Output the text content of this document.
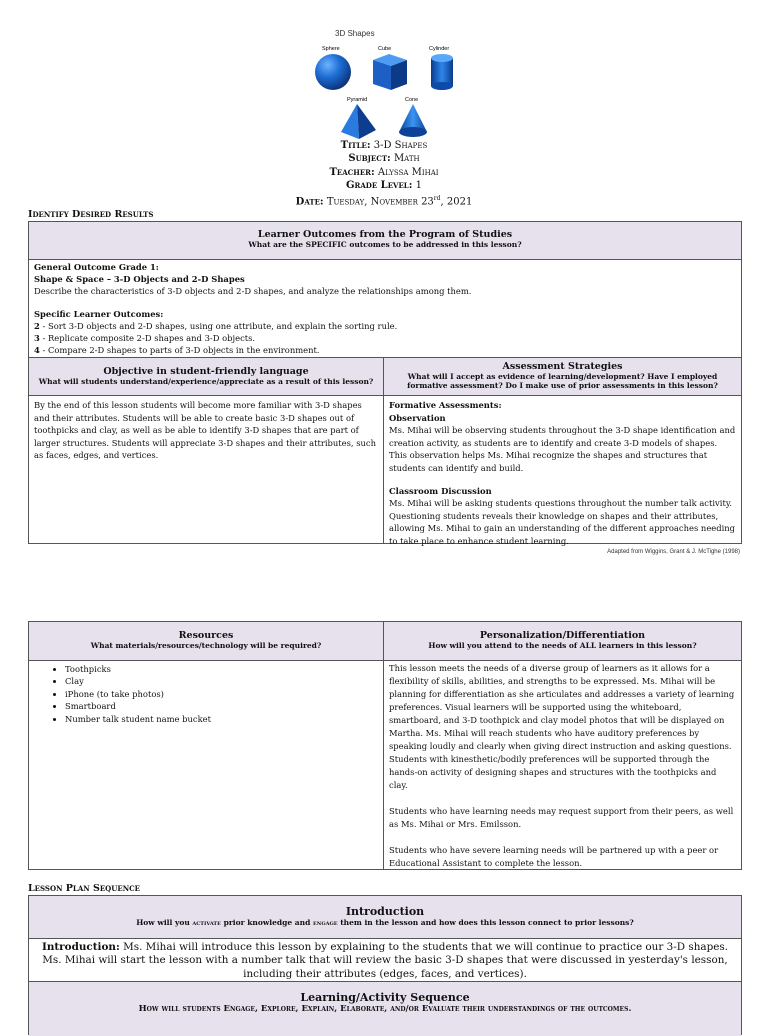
3D Shapes
Sphere	Cube	Cylinder
Pyramid	Cone
Title: 3-D Shapes
Subject: Math
Teacher: Alyssa Mihai
Grade Level: 1
Date: Tuesday, November 23rd, 2021
Identify Desired Results
Learner Outcomes from the Program of Studies
What are the SPECIFIC outcomes to be addressed in this lesson?

General Outcome Grade 1:

Shape & Space – 3-D Objects and 2-D Shapes

Describe the characteristics of 3-D objects and 2-D shapes, and analyze the relationships among them.

Specific Learner Outcomes:

2 - Sort 3-D objects and 2-D shapes, using one attribute, and explain the sorting rule.

3 - Replicate composite 2-D shapes and 3-D objects.

4 - Compare 2-D shapes to parts of 3-D objects in the environment.

Objective in student-friendly language
What will students understand/experience/appreciate as a result of this lesson?
By the end of this lesson students will become more familiar with 3-D shapes and their attributes. Students will be able to create basic 3-D shapes out of toothpicks and clay, as well as be able to identify 3-D shapes that are part of larger structures. Students will appreciate 3-D shapes and their attributes, such as faces, edges, and vertices.
Assessment Strategies
What will I accept as evidence of learning/development? Have I employed formative assessment? Do I make use of prior assessments in this lesson?

Formative Assessments:

Observation

Ms. Mihai will be observing students throughout the 3-D shape identification and creation activity, as students are to identify and create 3-D models of shapes. This observation helps Ms. Mihai recognize the shapes and structures that students can identify and build.

Classroom Discussion

Ms. Mihai will be asking students questions throughout the number talk activity. Questioning students reveals their knowledge on shapes and their attributes, allowing Ms. Mihai to gain an understanding of the different approaches needing to take place to enhance student learning.

Adapted from Wiggins, Grant & J. McTighe (1998)
Resources
What materials/resources/technology will be required?
• Toothpicks
• Clay
• iPhone (to take photos)
• Smartboard
• Number talk student name bucket
Personalization/Differentiation
How will you attend to the needs of ALL learners in this lesson?

This lesson meets the needs of a diverse group of learners as it allows for a flexibility of skills, abilities, and strengths to be expressed. Ms. Mihai will be planning for differentiation as she articulates and addresses a variety of learning preferences. Visual learners will be supported using the whiteboard, smartboard, and 3-D toothpick and clay model photos that will be displayed on Martha. Ms. Mihai will reach students who have auditory preferences by speaking loudly and clearly when giving direct instruction and asking questions. Students with kinesthetic/bodily preferences will be supported through the hands-on activity of designing shapes and structures with the toothpicks and clay.

Students who have learning needs may request support from their peers, as well as Ms. Mihai or Mrs. Emilsson.

Students who have severe learning needs will be partnered up with a peer or Educational Assistant to complete the lesson.

Lesson Plan Sequence
Introduction
How will you activate prior knowledge and engage them in the lesson and how does this lesson connect to prior lessons?
Introduction: Ms. Mihai will introduce this lesson by explaining to the students that we will continue to practice our 3-D shapes. Ms. Mihai will start the lesson with a number talk that will review the basic 3-D shapes that were discussed in yesterday's lesson, including their attributes (edges, faces, and vertices).
Learning/Activity Sequence
How will students Engage, Explore, Explain, Elaborate, and/or Evaluate their understandings of the outcomes.
